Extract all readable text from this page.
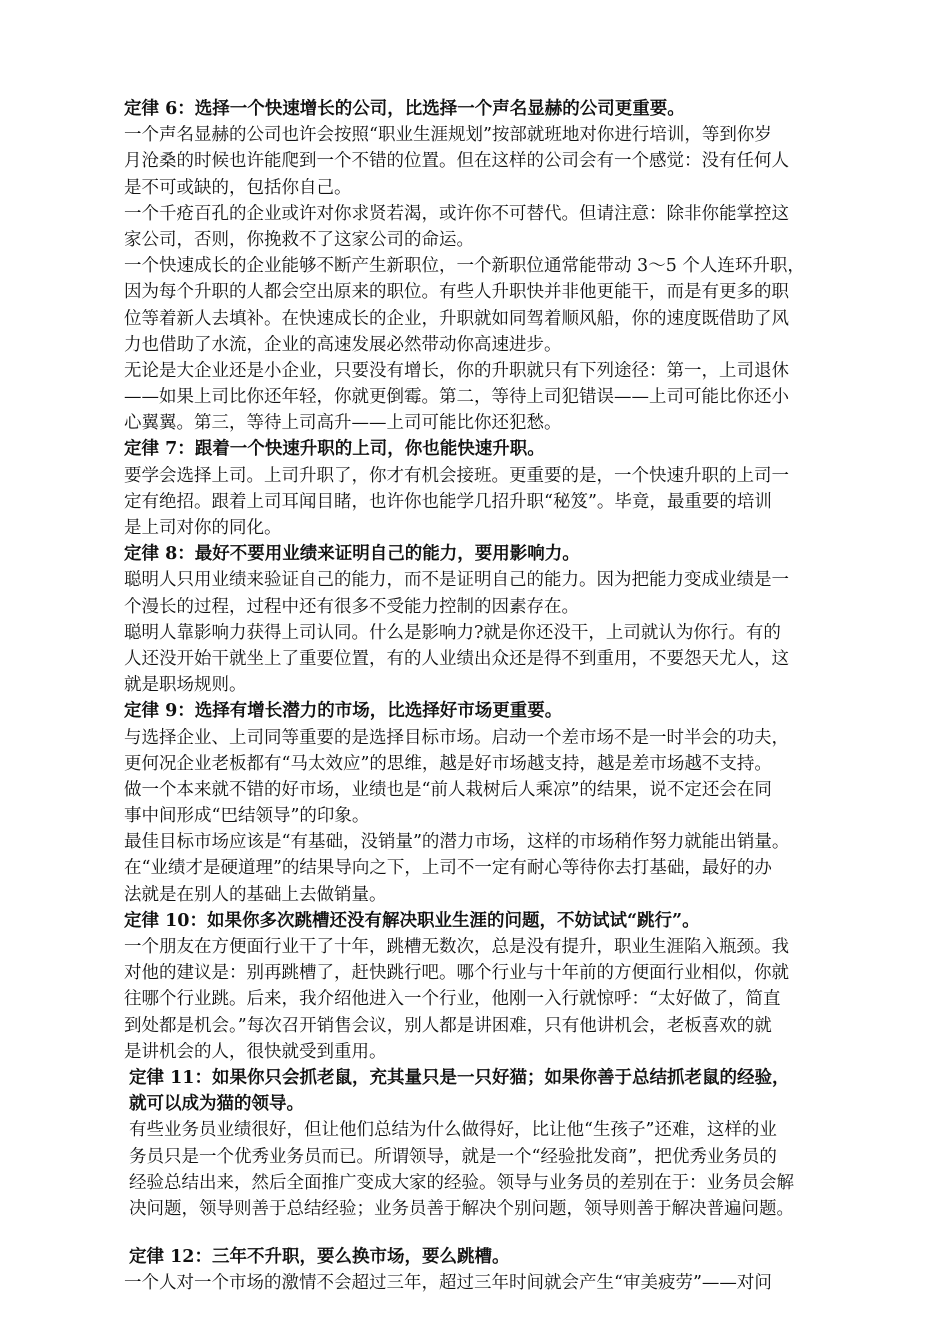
定律 6：选择一个快速增长的公司，比选择一个声名显赫的公司更重要。
一个声名显赫的公司也许会按照“职业生涯规划”按部就班地对你进行培训，等到你岁
月沧桑的时候也许能爬到一个不错的位置。但在这样的公司会有一个感觉：没有任何人
是不可或缺的，包括你自己。
一个千疮百孔的企业或许对你求贤若渴，或许你不可替代。但请注意：除非你能掌控这
家公司，否则，你挽救不了这家公司的命运。
一个快速成长的企业能够不断产生新职位，一个新职位通常能带动 3～5 个人连环升职，
因为每个升职的人都会空出原来的职位。有些人升职快并非他更能干，而是有更多的职
位等着新人去填补。在快速成长的企业，升职就如同驾着顺风船，你的速度既借助了风
力也借助了水流，企业的高速发展必然带动你高速进步。
无论是大企业还是小企业，只要没有增长，你的升职就只有下列途径：第一，上司退休
——如果上司比你还年轻，你就更倒霉。第二，等待上司犯错误——上司可能比你还小
心翼翼。第三，等待上司高升——上司可能比你还犯愁。
定律 7：跟着一个快速升职的上司，你也能快速升职。
要学会选择上司。上司升职了，你才有机会接班。更重要的是，一个快速升职的上司一
定有绝招。跟着上司耳闻目睹，也许你也能学几招升职“秘笈”。毕竟，最重要的培训
是上司对你的同化。
定律 8：最好不要用业绩来证明自己的能力，要用影响力。
聪明人只用业绩来验证自己的能力，而不是证明自己的能力。因为把能力变成业绩是一
个漫长的过程，过程中还有很多不受能力控制的因素存在。
聪明人靠影响力获得上司认同。什么是影响力?就是你还没干，上司就认为你行。有的
人还没开始干就坐上了重要位置，有的人业绩出众还是得不到重用，不要怨天尤人，这
就是职场规则。
定律 9：选择有增长潜力的市场，比选择好市场更重要。
与选择企业、上司同等重要的是选择目标市场。启动一个差市场不是一时半会的功夫，
更何况企业老板都有“马太效应”的思维，越是好市场越支持，越是差市场越不支持。
做一个本来就不错的好市场，业绩也是“前人栽树后人乘凉”的结果，说不定还会在同
事中间形成“巴结领导”的印象。
最佳目标市场应该是“有基础，没销量”的潜力市场，这样的市场稍作努力就能出销量。
在“业绩才是硬道理”的结果导向之下，上司不一定有耐心等待你去打基础，最好的办
法就是在别人的基础上去做销量。
定律 10：如果你多次跳槽还没有解决职业生涯的问题，不妨试试“跳行”。
一个朋友在方便面行业干了十年，跳槽无数次，总是没有提升，职业生涯陷入瓶颈。我
对他的建议是：别再跳槽了，赶快跳行吧。哪个行业与十年前的方便面行业相似，你就
往哪个行业跳。后来，我介绍他进入一个行业，他刚一入行就惊呼：“太好做了，简直
到处都是机会。”每次召开销售会议，别人都是讲困难，只有他讲机会，老板喜欢的就
是讲机会的人，很快就受到重用。
定律 11：如果你只会抓老鼠，充其量只是一只好猫；如果你善于总结抓老鼠的经验，
就可以成为猫的领导。
有些业务员业绩很好，但让他们总结为什么做得好，比让他“生孩子”还难，这样的业
务员只是一个优秀业务员而已。所谓领导，就是一个“经验批发商”，把优秀业务员的
经验总结出来，然后全面推广变成大家的经验。领导与业务员的差别在于：业务员会解
决问题，领导则善于总结经验；业务员善于解决个别问题，领导则善于解决普遍问题。
定律 12：三年不升职，要么换市场，要么跳槽。
一个人对一个市场的激情不会超过三年，超过三年时间就会产生“审美疲劳”——对问
